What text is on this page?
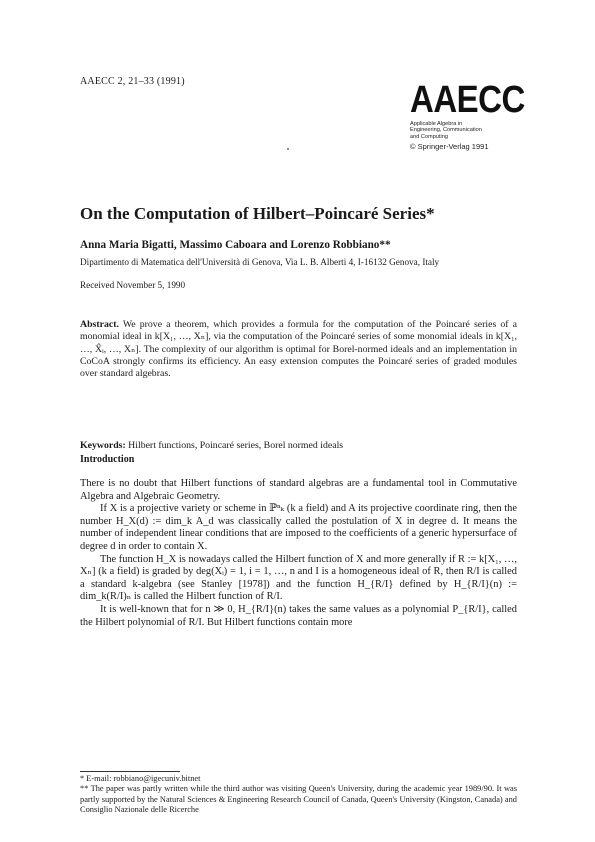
AAECC 2, 21–33 (1991)	AAECC
Applicable Algebra in
Engineering, Communication
and Computing
© Springer-Verlag 1991
On the Computation of Hilbert–Poincaré Series*
Anna Maria Bigatti, Massimo Caboara and Lorenzo Robbiano**
Dipartimento di Matematica dell'Università di Genova, Via L. B. Alberti 4, I-16132 Genova, Italy
Received November 5, 1990
Abstract. We prove a theorem, which provides a formula for the computation of the Poincaré series of a monomial ideal in k[X₁, …, Xₙ], via the computation of the Poincaré series of some monomial ideals in k[X₁, …, X̂ᵢ, …, Xₙ]. The complexity of our algorithm is optimal for Borel-normed ideals and an implementation in CoCoA strongly confirms its efficiency. An easy extension computes the Poincaré series of graded modules over standard algebras.
Keywords: Hilbert functions, Poincaré series, Borel normed ideals
Introduction

There is no doubt that Hilbert functions of standard algebras are a fundamental tool in Commutative Algebra and Algebraic Geometry.

If X is a projective variety or scheme in ℙⁿₖ (k a field) and A its projective coordinate ring, then the number H_X(d) := dim_k A_d was classically called the postulation of X in degree d. It means the number of independent linear conditions that are imposed to the coefficients of a generic hypersurface of degree d in order to contain X.

The function H_X is nowadays called the Hilbert function of X and more generally if R := k[X₁, …, Xₙ] (k a field) is graded by deg(Xᵢ) = 1, i = 1, …, n and I is a homogeneous ideal of R, then R/I is called a standard k-algebra (see Stanley [1978]) and the function H_{R/I} defined by H_{R/I}(n) := dim_k(R/I)ₙ is called the Hilbert function of R/I.

It is well-known that for n ≫ 0, H_{R/I}(n) takes the same values as a polynomial P_{R/I}, called the Hilbert polynomial of R/I. But Hilbert functions contain more

* E-mail: robbiano@igecuniv.bitnet

** The paper was partly written while the third author was visiting Queen's University, during the academic year 1989/90. It was partly supported by the Natural Sciences & Engineering Research Council of Canada, Queen's University (Kingston, Canada) and Consiglio Nazionale delle Ricerche
